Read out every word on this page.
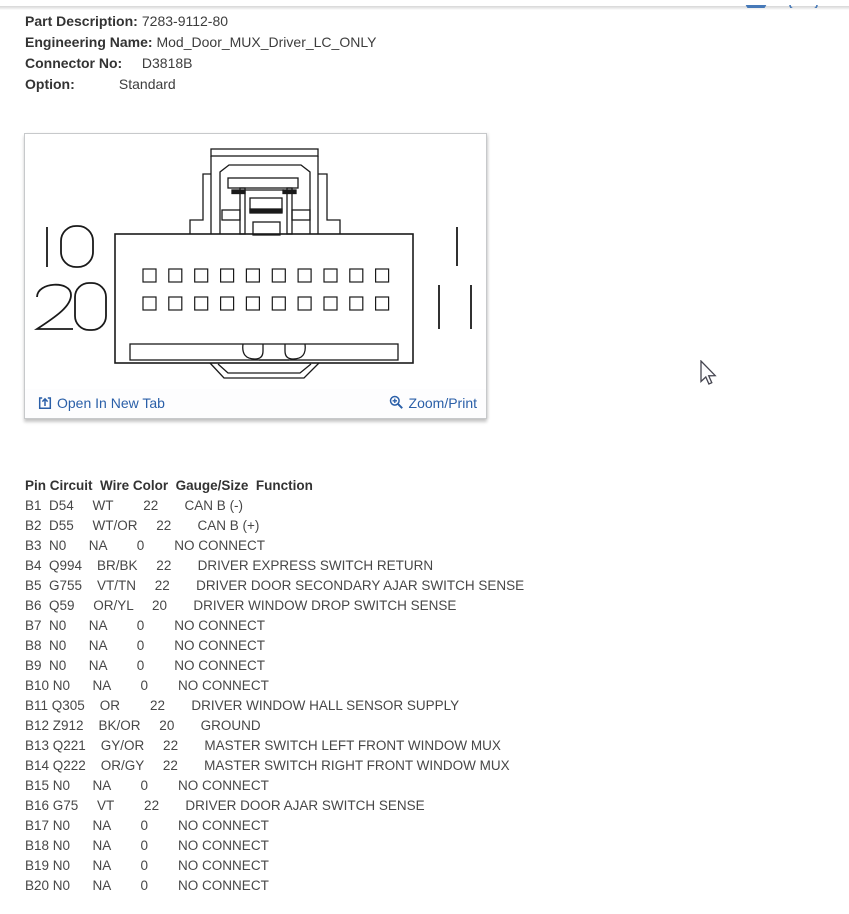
Part Description: 7283-9112-80
Engineering Name: Mod_Door_MUX_Driver_LC_ONLY
Connector No: D3818B
Option:	Standard
Open In New Tab	Zoom/Print
Pin Circuit  Wire Color  Gauge/Size  Function
B1  D54     WT        22       CAN B (-)
B2  D55     WT/OR     22       CAN B (+)
B3  N0      NA        0        NO CONNECT
B4  Q994    BR/BK     22       DRIVER EXPRESS SWITCH RETURN
B5  G755    VT/TN     22       DRIVER DOOR SECONDARY AJAR SWITCH SENSE
B6  Q59     OR/YL     20       DRIVER WINDOW DROP SWITCH SENSE
B7  N0      NA        0        NO CONNECT
B8  N0      NA        0        NO CONNECT
B9  N0      NA        0        NO CONNECT
B10 N0      NA        0        NO CONNECT
B11 Q305    OR        22       DRIVER WINDOW HALL SENSOR SUPPLY
B12 Z912    BK/OR     20       GROUND
B13 Q221    GY/OR     22       MASTER SWITCH LEFT FRONT WINDOW MUX
B14 Q222    OR/GY     22       MASTER SWITCH RIGHT FRONT WINDOW MUX
B15 N0      NA        0        NO CONNECT
B16 G75     VT        22       DRIVER DOOR AJAR SWITCH SENSE
B17 N0      NA        0        NO CONNECT
B18 N0      NA        0        NO CONNECT
B19 N0      NA        0        NO CONNECT
B20 N0      NA        0        NO CONNECT
